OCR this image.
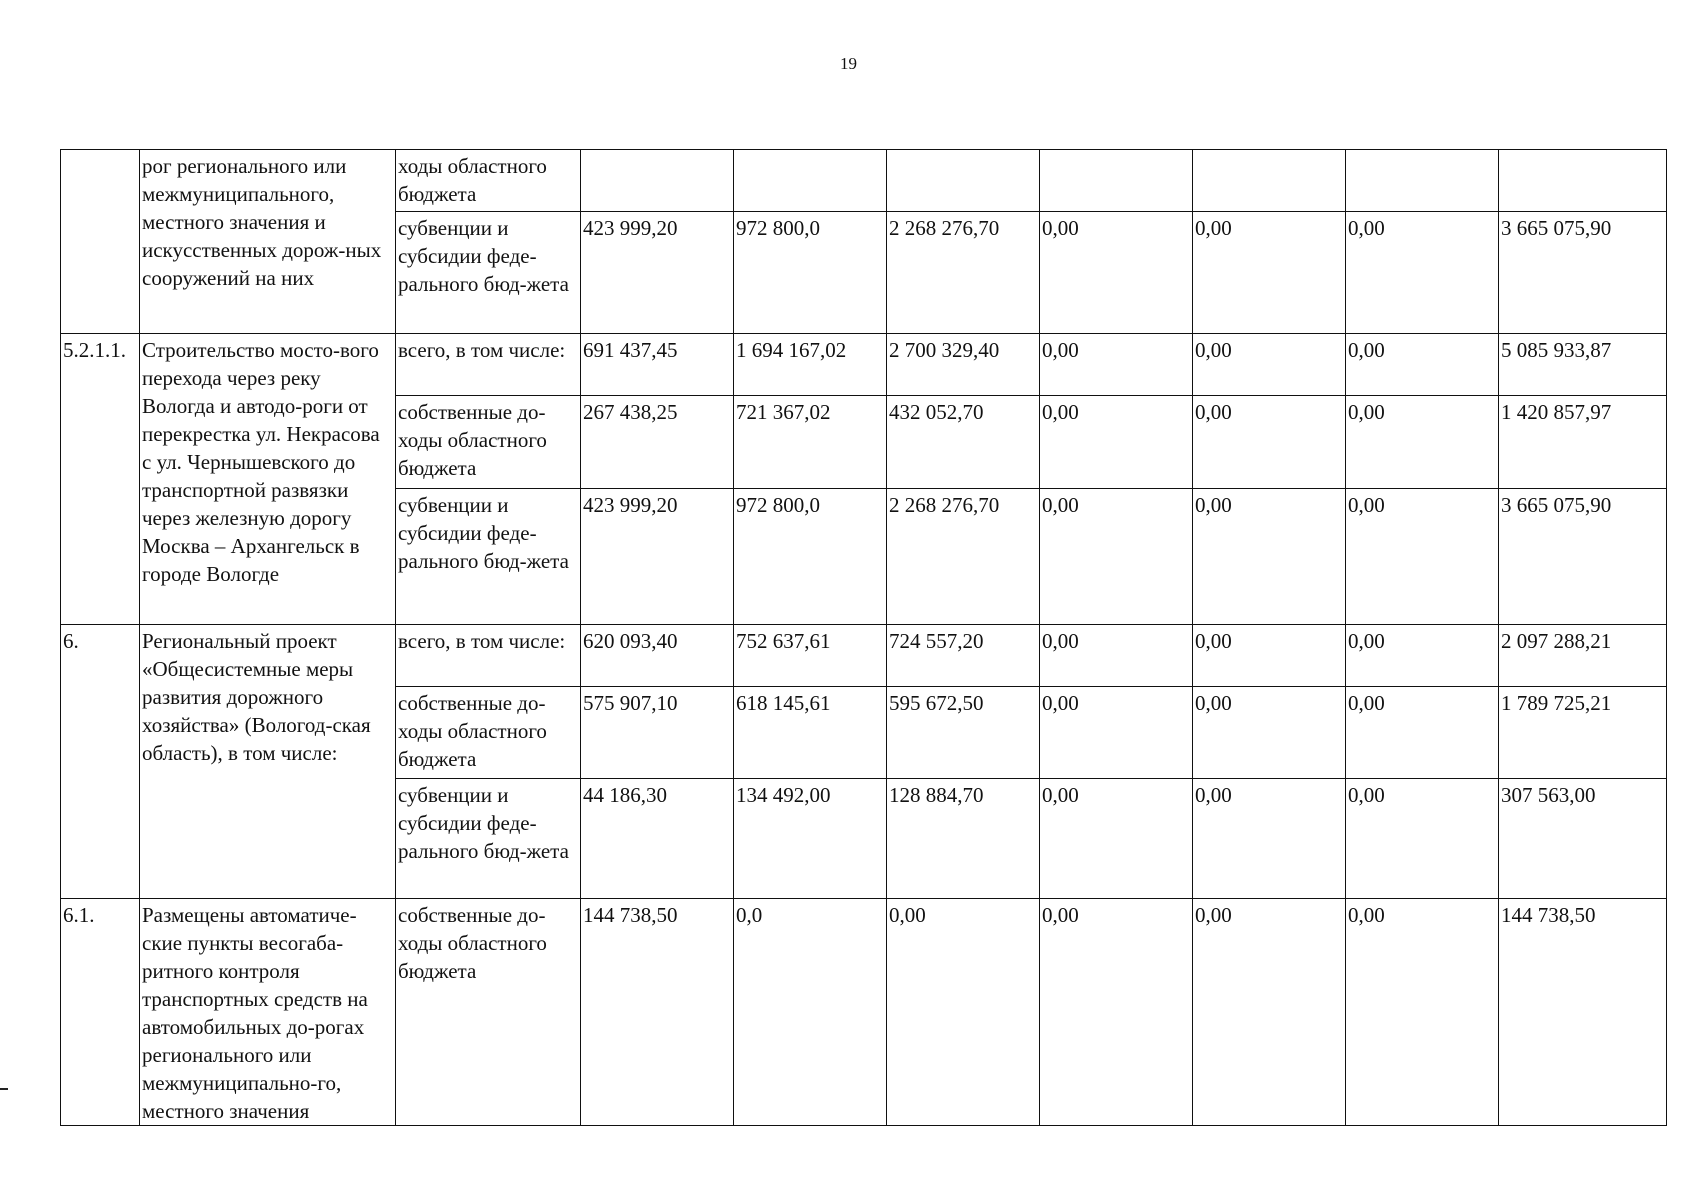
19
	рог регионального или межмуниципального, местного значения и искусственных дорож-ных сооружений на них	ходы областного бюджета							
		субвенции и субсидии феде-рального бюд-жета	423 999,20	972 800,0	2 268 276,70	0,00	0,00	0,00	3 665 075,90
5.2.1.1.	Строительство мосто-вого перехода через реку Вологда и автодо-роги от перекрестка ул. Некрасова с ул. Чернышевского до транспортной развязки через железную дорогу Москва – Архангельск в городе Вологде	всего, в том числе:	691 437,45	1 694 167,02	2 700 329,40	0,00	0,00	0,00	5 085 933,87
		собственные до-ходы областного бюджета	267 438,25	721 367,02	432 052,70	0,00	0,00	0,00	1 420 857,97
		субвенции и субсидии феде-рального бюд-жета	423 999,20	972 800,0	2 268 276,70	0,00	0,00	0,00	3 665 075,90
6.	Региональный проект «Общесистемные меры развития дорожного хозяйства» (Вологод-ская область), в том числе:	всего, в том числе:	620 093,40	752 637,61	724 557,20	0,00	0,00	0,00	2 097 288,21
		собственные до-ходы областного бюджета	575 907,10	618 145,61	595 672,50	0,00	0,00	0,00	1 789 725,21
		субвенции и субсидии феде-рального бюд-жета	44 186,30	134 492,00	128 884,70	0,00	0,00	0,00	307 563,00
6.1.	Размещены автоматиче-ские пункты весогаба-ритного контроля транспортных средств на автомобильных до-рогах регионального или межмуниципально-го, местного значения	собственные до-ходы областного бюджета	144 738,50	0,0	0,00	0,00	0,00	0,00	144 738,50
